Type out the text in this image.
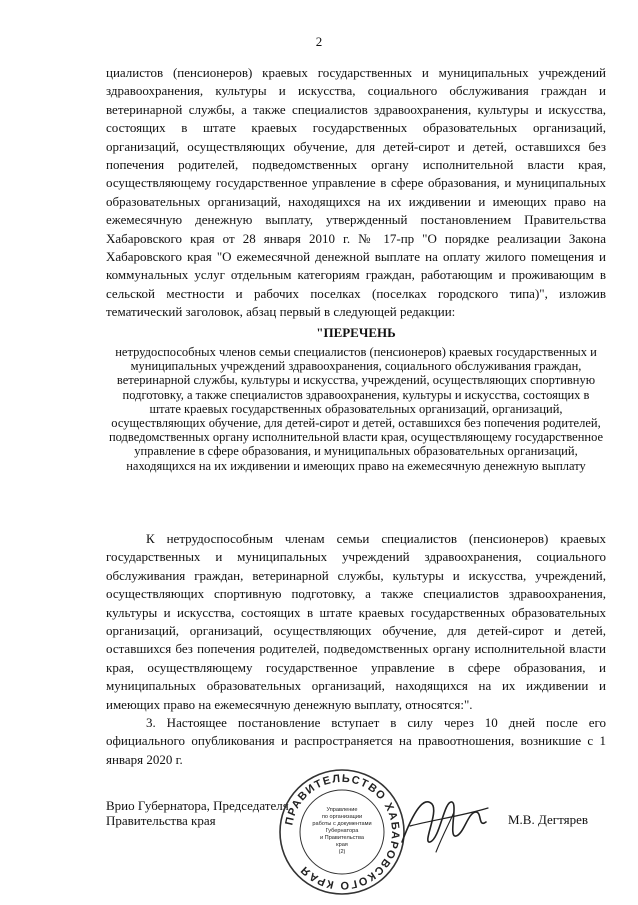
2

циалистов (пенсионеров) краевых государственных и муниципальных учреждений здравоохранения, культуры и искусства, социального обслуживания граждан и ветеринарной службы, а также специалистов здравоохранения, культуры и искусства, состоящих в штате краевых государственных образовательных организаций, организаций, осуществляющих обучение, для детей-сирот и детей, оставшихся без попечения родителей, подведомственных органу исполнительной власти края, осуществляющему государственное управление в сфере образования, и муниципальных образовательных организаций, находящихся на их иждивении и имеющих право на ежемесячную денежную выплату, утвержденный постановлением Правительства Хабаровского края от 28 января 2010 г. № 17-пр "О порядке реализации Закона Хабаровского края "О ежемесячной денежной выплате на оплату жилого помещения и коммунальных услуг отдельным категориям граждан, работающим и проживающим в сельской местности и рабочих поселках (поселках городского типа)", изложив тематический заголовок, абзац первый в следующей редакции:

"ПЕРЕЧЕНЬ

нетрудоспособных членов семьи специалистов (пенсионеров) краевых государственных и муниципальных учреждений здравоохранения, социального обслуживания граждан, ветеринарной службы, культуры и искусства, учреждений, осуществляющих спортивную подготовку, а также специалистов здравоохранения, культуры и искусства, состоящих в штате краевых государственных образовательных организаций, организаций, осуществляющих обучение, для детей-сирот и детей, оставшихся без попечения родителей, подведомственных органу исполнительной власти края, осуществляющему государственное управление в сфере образования, и муниципальных образовательных организаций, находящихся на их иждивении и имеющих право на ежемесячную денежную выплату

К нетрудоспособным членам семьи специалистов (пенсионеров) краевых государственных и муниципальных учреждений здравоохранения, социального обслуживания граждан, ветеринарной службы, культуры и искусства, учреждений, осуществляющих спортивную подготовку, а также специалистов здравоохранения, культуры и искусства, состоящих в штате краевых государственных образовательных организаций, организаций, осуществляющих обучение, для детей-сирот и детей, оставшихся без попечения родителей, подведомственных органу исполнительной власти края, осуществляющему государственное управление в сфере образования, и муниципальных образовательных организаций, находящихся на их иждивении и имеющих право на ежемесячную денежную выплату, относятся:".

3. Настоящее постановление вступает в силу через 10 дней после его официального опубликования и распространяется на правоотношения, возникшие с 1 января 2020 г.

Врио Губернатора, Председателя
Правительства края	М.В. Дегтярев
ПРАВИТЕЛЬСТВО ХАБАРОВСКОГО КРАЯ
Управление
по организации
работы с документами
Губернатора
и Правительства
края
(2)
